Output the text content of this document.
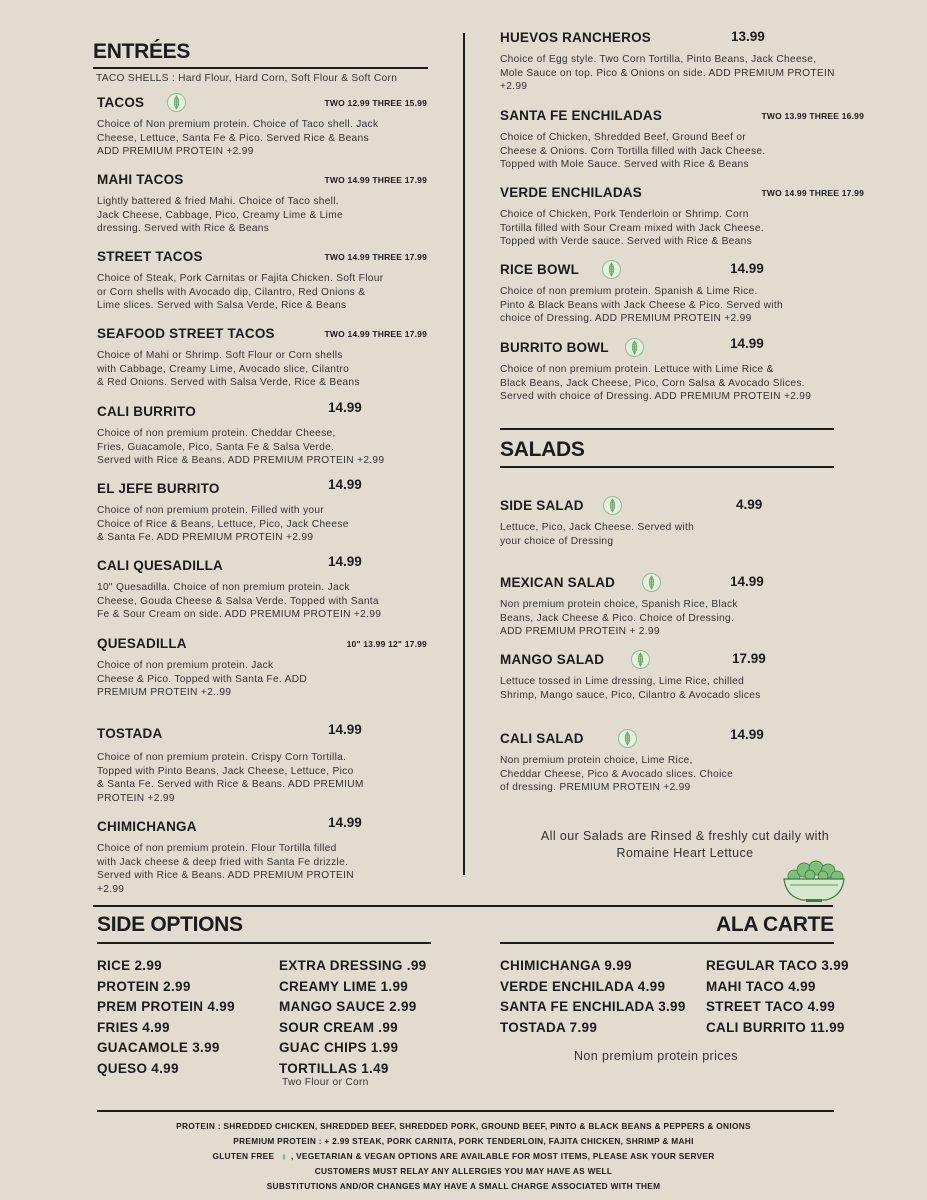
ENTRÉES
TACO SHELLS : Hard Flour, Hard Corn, Soft Flour & Soft Corn
TACOS	TWO 12.99 THREE 15.99
Choice of Non premium protein. Choice of Taco shell. Jack
Cheese, Lettuce, Santa Fe & Pico. Served Rice & Beans
ADD PREMIUM PROTEIN +2.99
MAHI TACOS	TWO 14.99 THREE 17.99
Lightly battered & fried Mahi. Choice of Taco shell.
Jack Cheese, Cabbage, Pico, Creamy Lime & Lime
dressing. Served with Rice & Beans
STREET TACOS	TWO 14.99 THREE 17.99
Choice of Steak, Pork Carnitas or Fajita Chicken. Soft Flour
or Corn shells with Avocado dip, Cilantro, Red Onions &
Lime slices. Served with Salsa Verde, Rice & Beans
SEAFOOD STREET TACOS	TWO 14.99 THREE 17.99
Choice of Mahi or Shrimp. Soft Flour or Corn shells
with Cabbage, Creamy Lime, Avocado slice, Cilantro
& Red Onions. Served with Salsa Verde, Rice & Beans
CALI BURRITO	14.99
Choice of non premium protein. Cheddar Cheese,
Fries, Guacamole, Pico, Santa Fe & Salsa Verde.
Served with Rice & Beans. ADD PREMIUM PROTEIN +2.99
EL JEFE BURRITO	14.99
Choice of non premium protein. Filled with your
Choice of Rice & Beans, Lettuce, Pico, Jack Cheese
& Santa Fe. ADD PREMIUM PROTEIN +2.99
CALI QUESADILLA	14.99
10" Quesadilla. Choice of non premium protein. Jack
Cheese, Gouda Cheese & Salsa Verde. Topped with Santa
Fe & Sour Cream on side. ADD PREMIUM PROTEIN +2.99
QUESADILLA	10" 13.99 12" 17.99
Choice of non premium protein. Jack
Cheese & Pico. Topped with Santa Fe. ADD
PREMIUM PROTEIN +2..99
TOSTADA	14.99
Choice of non premium protein. Crispy Corn Tortilla.
Topped with Pinto Beans, Jack Cheese, Lettuce, Pico
& Santa Fe. Served with Rice & Beans. ADD PREMIUM
PROTEIN +2.99
CHIMICHANGA	14.99
Choice of non premium protein. Flour Tortilla filled
with Jack cheese & deep fried with Santa Fe drizzle.
Served with Rice & Beans. ADD PREMIUM PROTEIN
+2.99
HUEVOS RANCHEROS	13.99
Choice of Egg style. Two Corn Tortilla, Pinto Beans, Jack Cheese,
Mole Sauce on top. Pico & Onions on side. ADD PREMIUM PROTEIN
+2.99
SANTA FE ENCHILADAS	TWO 13.99 THREE 16.99
Choice of Chicken, Shredded Beef, Ground Beef or
Cheese & Onions. Corn Tortilla filled with Jack Cheese.
Topped with Mole Sauce. Served with Rice & Beans
VERDE ENCHILADAS	TWO 14.99 THREE 17.99
Choice of Chicken, Pork Tenderloin or Shrimp. Corn
Tortilla filled with Sour Cream mixed with Jack Cheese.
Topped with Verde sauce. Served with Rice & Beans
RICE BOWL	14.99
Choice of non premium protein. Spanish & Lime Rice.
Pinto & Black Beans with Jack Cheese & Pico. Served with
choice of Dressing. ADD PREMIUM PROTEIN +2.99
BURRITO BOWL	14.99
Choice of non premium protein. Lettuce with Lime Rice &
Black Beans, Jack Cheese, Pico, Corn Salsa & Avocado Slices.
Served with choice of Dressing. ADD PREMIUM PROTEIN +2.99
SALADS
SIDE SALAD	4.99
Lettuce, Pico, Jack Cheese. Served with
your choice of Dressing
MEXICAN SALAD	14.99
Non premium protein choice, Spanish Rice, Black
Beans, Jack Cheese & Pico. Choice of Dressing.
ADD PREMIUM PROTEIN + 2.99
MANGO SALAD	17.99
Lettuce tossed in Lime dressing, Lime Rice, chilled
Shrimp, Mango sauce, Pico, Cilantro & Avocado slices
CALI SALAD	14.99
Non premium protein choice, Lime Rice,
Cheddar Cheese, Pico & Avocado slices. Choice
of dressing. PREMIUM PROTEIN +2.99
All our Salads are Rinsed & freshly cut daily with
Romaine Heart Lettuce
SIDE OPTIONS	ALA CARTE
RICE 2.99
PROTEIN 2.99
PREM PROTEIN 4.99
FRIES 4.99
GUACAMOLE 3.99
QUESO 4.99
EXTRA DRESSING .99
CREAMY LIME 1.99
MANGO SAUCE 2.99
SOUR CREAM .99
GUAC CHIPS 1.99
TORTILLAS 1.49
Two Flour or Corn
CHIMICHANGA 9.99
VERDE ENCHILADA 4.99
SANTA FE ENCHILADA 3.99
TOSTADA 7.99
REGULAR TACO 3.99
MAHI TACO 4.99
STREET TACO 4.99
CALI BURRITO 11.99
Non premium protein prices
PROTEIN : SHREDDED CHICKEN, SHREDDED BEEF, SHREDDED PORK, GROUND BEEF, PINTO & BLACK BEANS & PEPPERS & ONIONS
PREMIUM PROTEIN : + 2.99 STEAK, PORK CARNITA, PORK TENDERLOIN, FAJITA CHICKEN, SHRIMP & MAHI
GLUTEN FREE , VEGETARIAN & VEGAN OPTIONS ARE AVAILABLE FOR MOST ITEMS, PLEASE ASK YOUR SERVER
CUSTOMERS MUST RELAY ANY ALLERGIES YOU MAY HAVE AS WELL
SUBSTITUTIONS AND/OR CHANGES MAY HAVE A SMALL CHARGE ASSOCIATED WITH THEM
